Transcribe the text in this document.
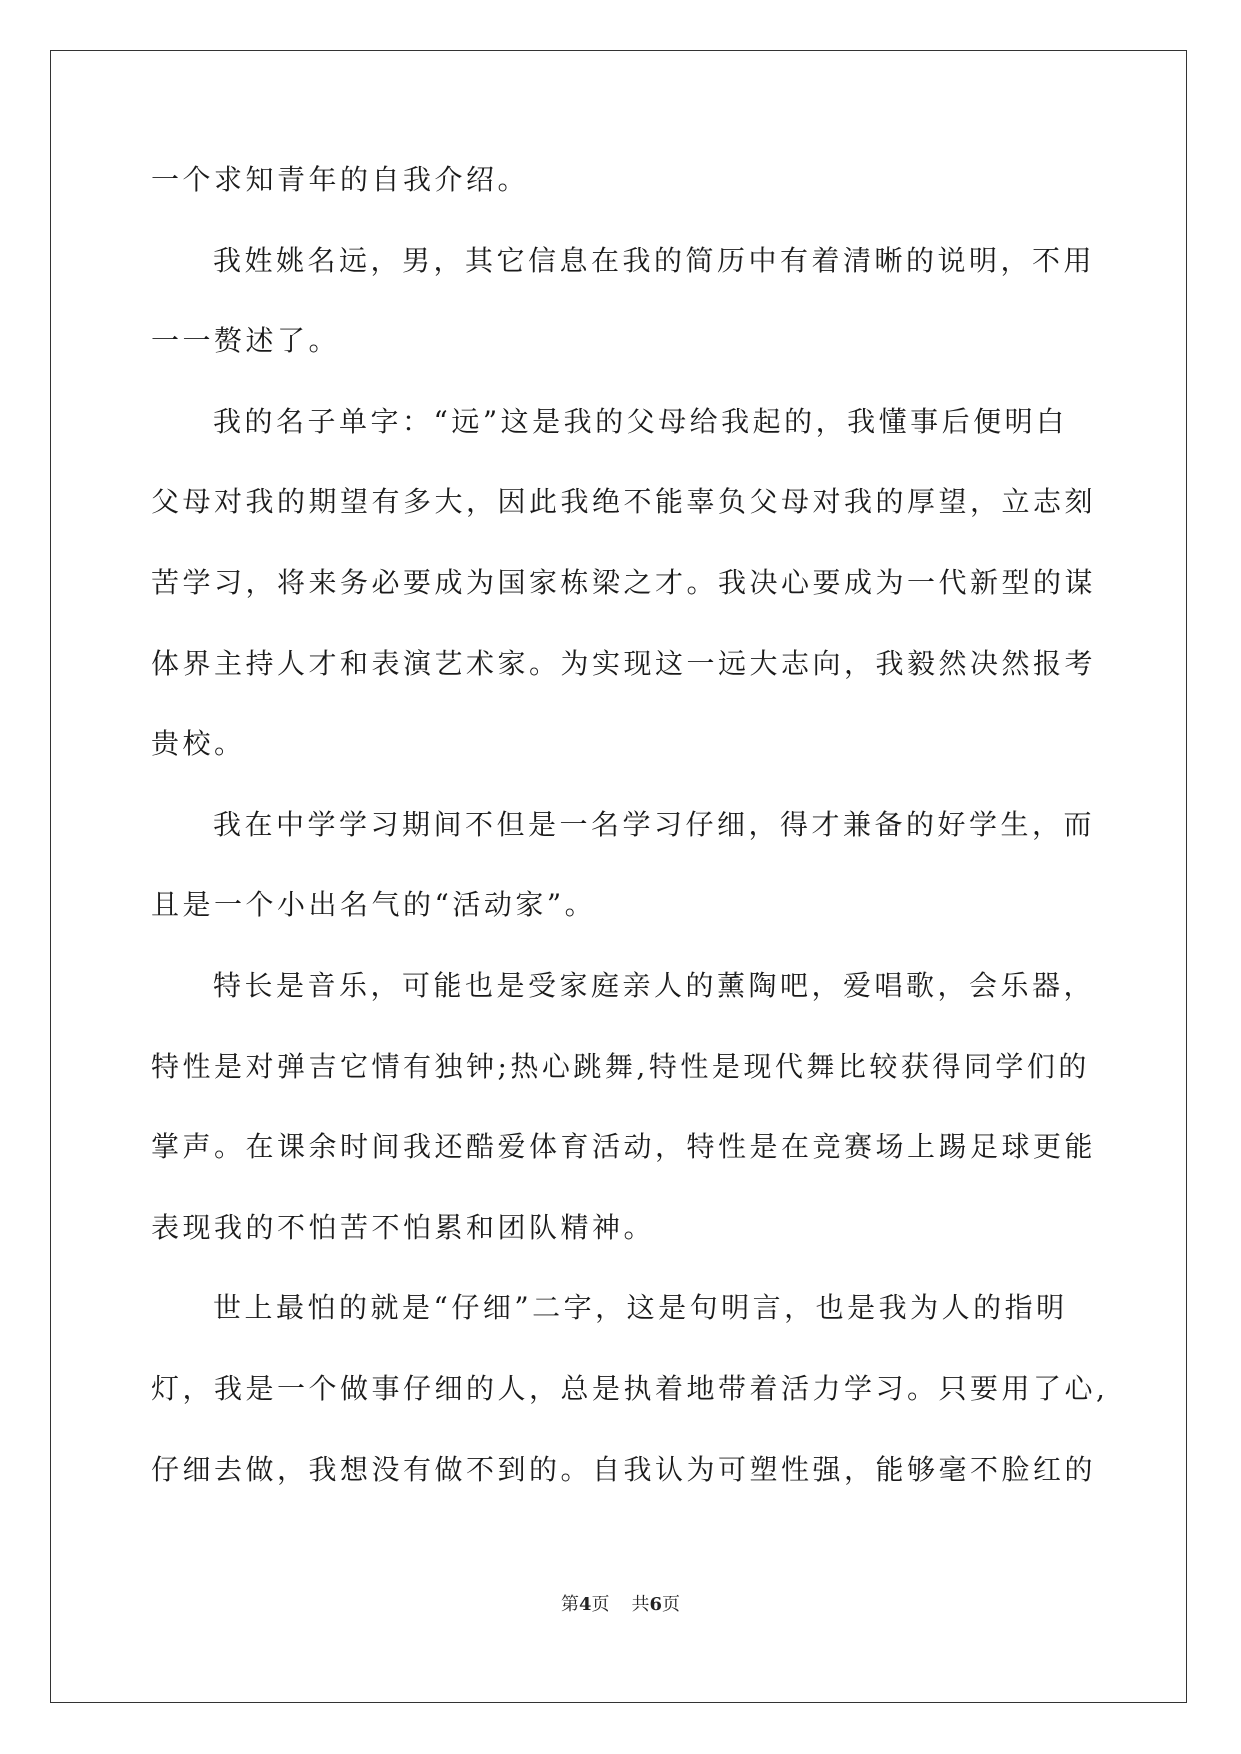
一个求知青年的自我介绍。
我姓姚名远，男，其它信息在我的简历中有着清晰的说明，不用
一一赘述了。
我的名子单字：“远”这是我的父母给我起的，我懂事后便明白
父母对我的期望有多大，因此我绝不能辜负父母对我的厚望，立志刻
苦学习，将来务必要成为国家栋梁之才。我决心要成为一代新型的谋
体界主持人才和表演艺术家。为实现这一远大志向，我毅然决然报考
贵校。
我在中学学习期间不但是一名学习仔细，得才兼备的好学生，而
且是一个小出名气的“活动家”。
特长是音乐，可能也是受家庭亲人的薰陶吧，爱唱歌，会乐器，
特性是对弹吉它情有独钟;热心跳舞,特性是现代舞比较获得同学们的
掌声。在课余时间我还酷爱体育活动，特性是在竞赛场上踢足球更能
表现我的不怕苦不怕累和团队精神。
世上最怕的就是“仔细”二字，这是句明言，也是我为人的指明
灯，我是一个做事仔细的人，总是执着地带着活力学习。只要用了心,
仔细去做，我想没有做不到的。自我认为可塑性强，能够毫不脸红的
第4页 共6页
